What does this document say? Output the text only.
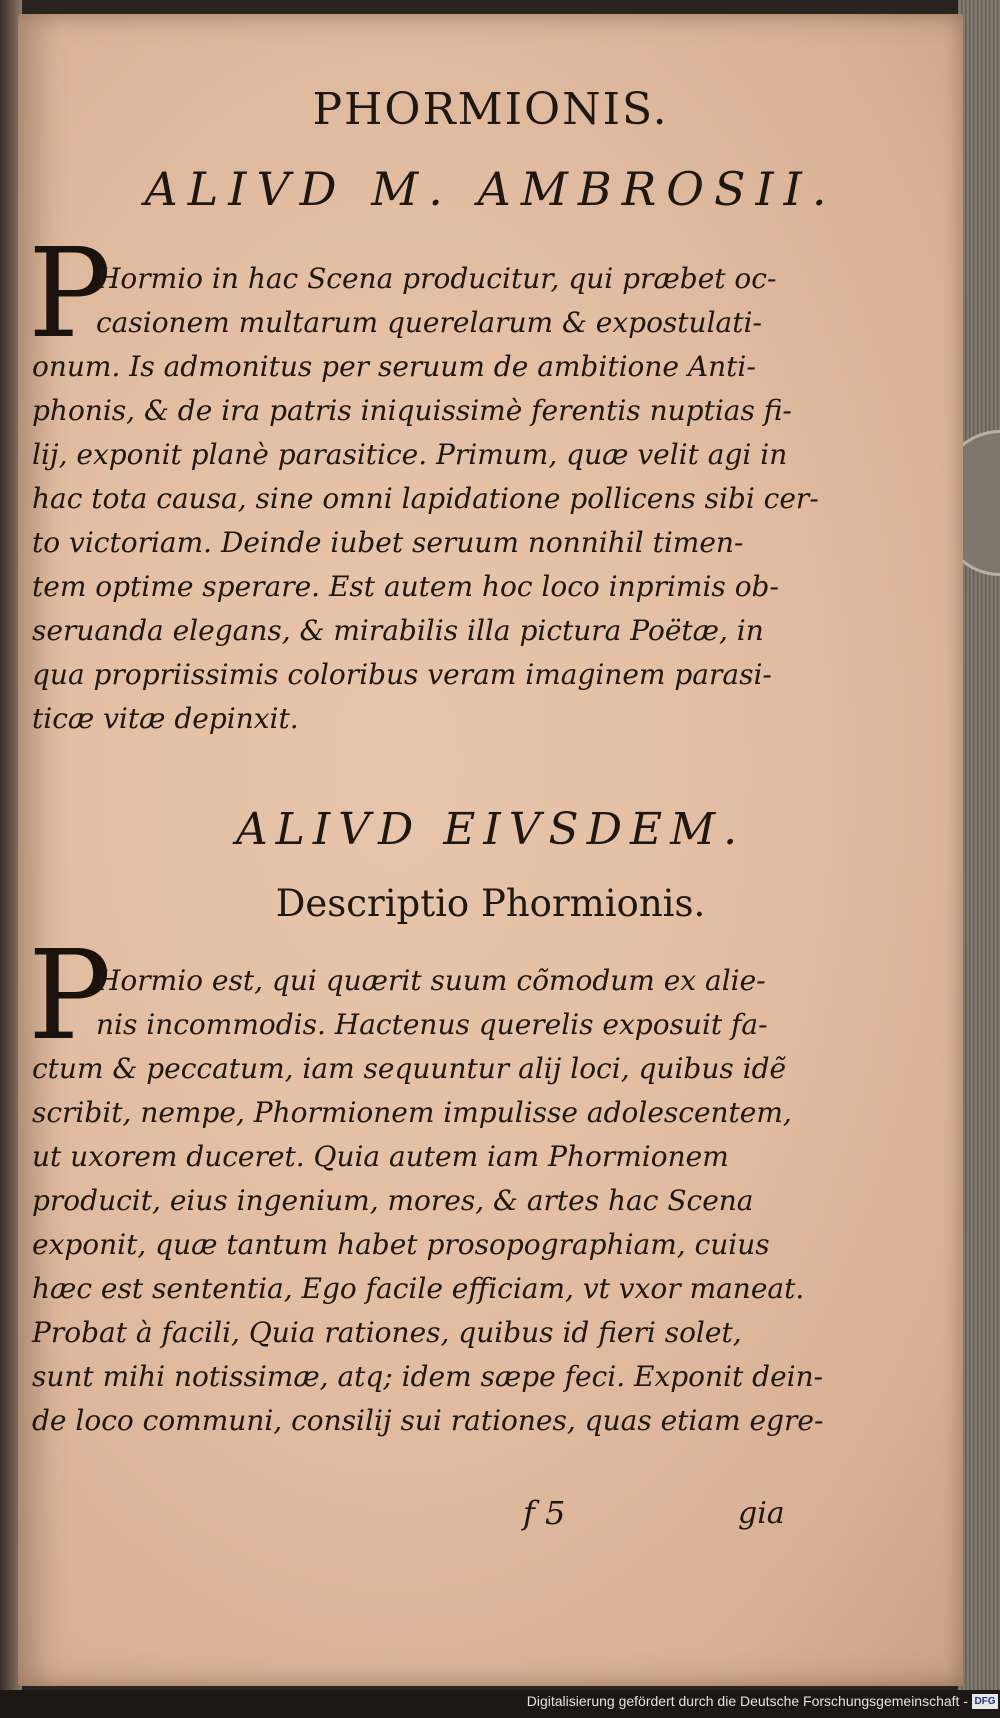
PHORMIONIS.
ALIVD M. AMBROSII.
P
Hormio in hac Scena producitur, qui præbet oc-
casionem multarum querelarum & expostulati-
onum. Is admonitus per seruum de ambitione Anti-
phonis, & de ira patris iniquissimè ferentis nuptias fi-
lij, exponit planè parasitice. Primum, quæ velit agi in
hac tota causa, sine omni lapidatione pollicens sibi cer-
to victoriam. Deinde iubet seruum nonnihil timen-
tem optime sperare. Est autem hoc loco inprimis ob-
seruanda elegans, & mirabilis illa pictura Poëtæ, in
qua propriissimis coloribus veram imaginem parasi-
ticæ vitæ depinxit.
ALIVD EIVSDEM.
Descriptio Phormionis.
P
Hormio est, qui quærit suum cõmodum ex alie-
nis incommodis. Hactenus querelis exposuit fa-
ctum & peccatum, iam sequuntur alij loci, quibus idẽ
scribit, nempe, Phormionem impulisse adolescentem,
ut uxorem duceret. Quia autem iam Phormionem
producit, eius ingenium, mores, & artes hac Scena
exponit, quæ tantum habet prosopographiam, cuius
hæc est sententia, Ego facile efficiam, vt vxor maneat.
Probat à facili, Quia rationes, quibus id fieri solet,
sunt mihi notissimæ, atq; idem sæpe feci. Exponit dein-
de loco communi, consilij sui rationes, quas etiam egre-
f 5	gia
Digitalisierung gefördert durch die Deutsche Forschungsgemeinschaft - DFG
